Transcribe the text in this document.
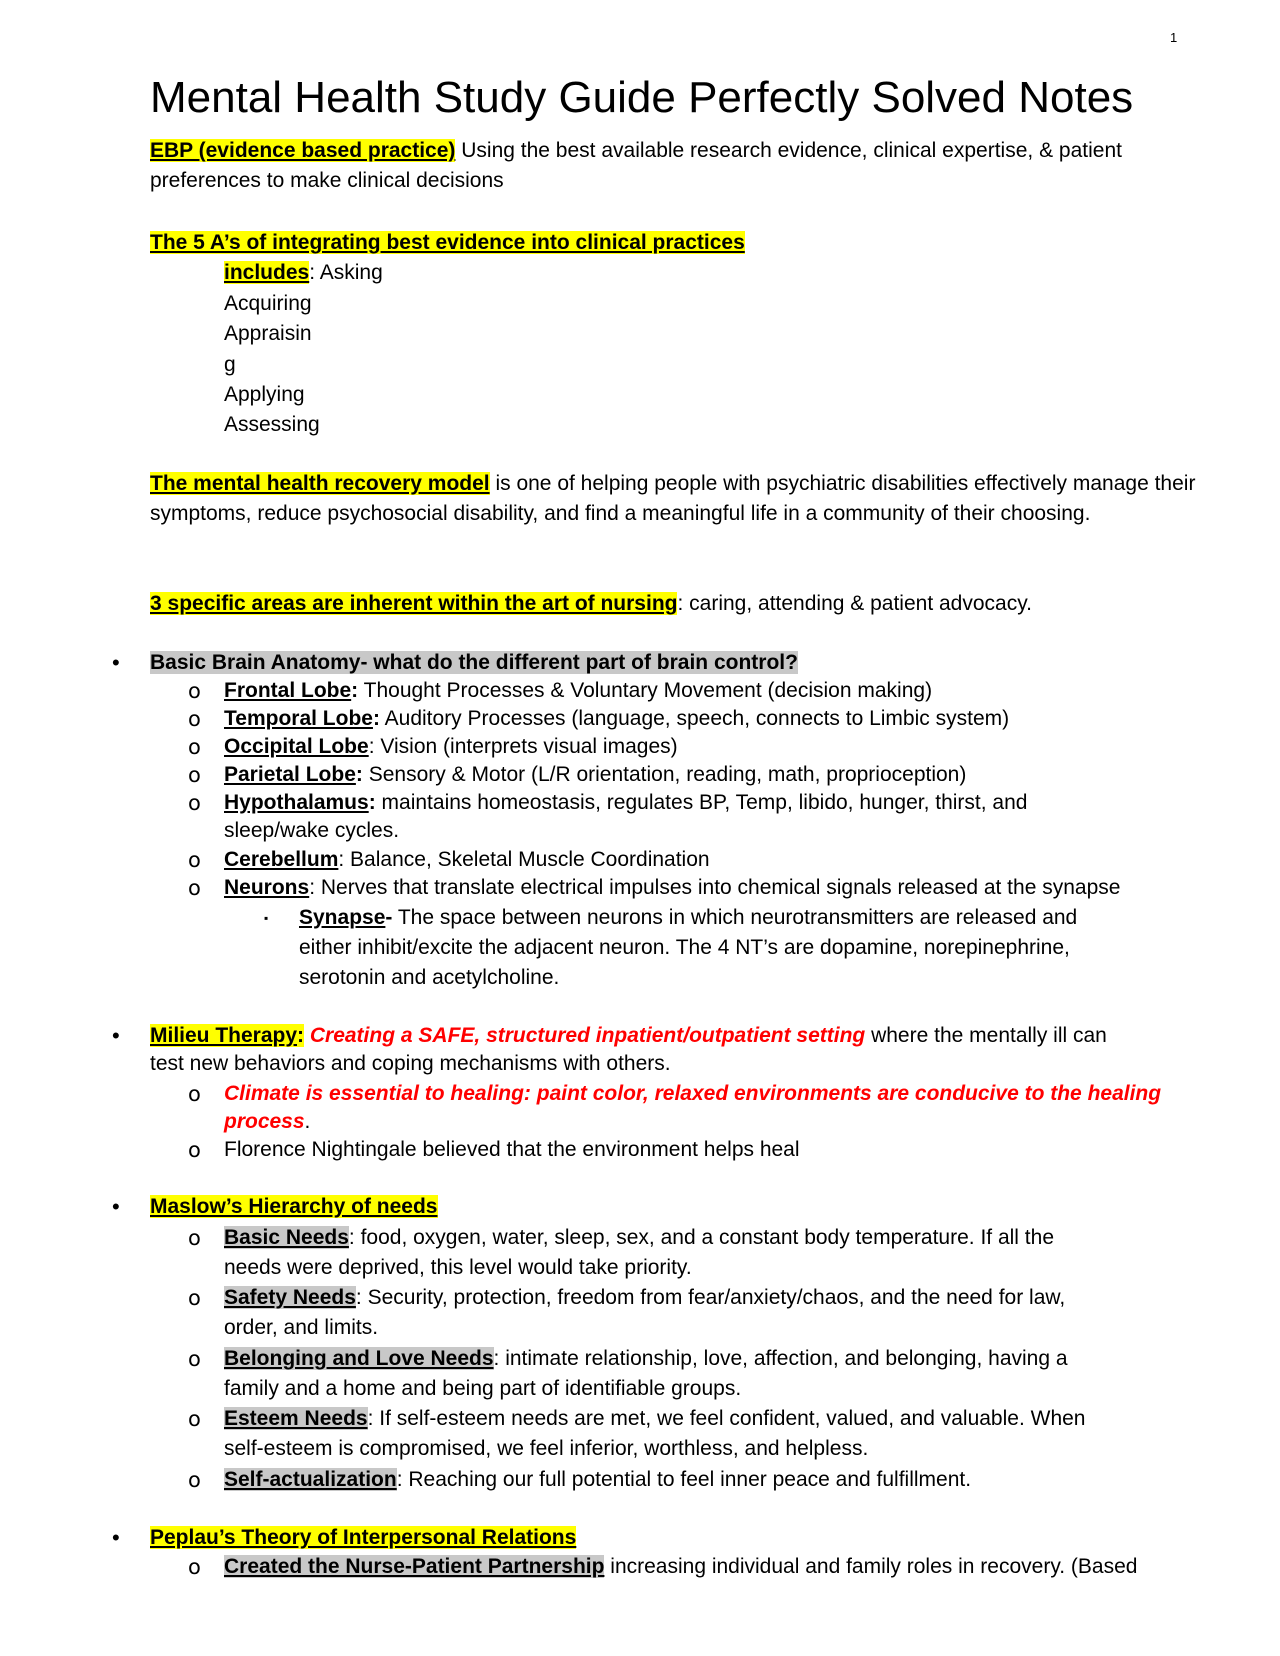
1
Mental Health Study Guide Perfectly Solved Notes
EBP (evidence based practice) Using the best available research evidence, clinical expertise, & patient preferences to make clinical decisions
The 5 A’s of integrating best evidence into clinical practices
includes: Asking
Acquiring
Appraisin
g
Applying
Assessing
The mental health recovery model is one of helping people with psychiatric disabilities effectively manage their symptoms, reduce psychosocial disability, and find a meaningful life in a community of their choosing.
3 specific areas are inherent within the art of nursing: caring, attending & patient advocacy.
• Basic Brain Anatomy- what do the different part of brain control?
o Frontal Lobe: Thought Processes & Voluntary Movement (decision making)
o Temporal Lobe: Auditory Processes (language, speech, connects to Limbic system)
o Occipital Lobe: Vision (interprets visual images)
o Parietal Lobe: Sensory & Motor (L/R orientation, reading, math, proprioception)
o Hypothalamus: maintains homeostasis, regulates BP, Temp, libido, hunger, thirst, and
sleep/wake cycles.
o Cerebellum: Balance, Skeletal Muscle Coordination
o Neurons: Nerves that translate electrical impulses into chemical signals released at the synapse
▪ Synapse- The space between neurons in which neurotransmitters are released and
either inhibit/excite the adjacent neuron. The 4 NT’s are dopamine, norepinephrine,
serotonin and acetylcholine.
• Milieu Therapy: Creating a SAFE, structured inpatient/outpatient setting where the mentally ill can
test new behaviors and coping mechanisms with others.
o Climate is essential to healing: paint color, relaxed environments are conducive to the healing
process.
o Florence Nightingale believed that the environment helps heal
• Maslow’s Hierarchy of needs
o Basic Needs: food, oxygen, water, sleep, sex, and a constant body temperature. If all the
needs were deprived, this level would take priority.
o Safety Needs: Security, protection, freedom from fear/anxiety/chaos, and the need for law,
order, and limits.
o Belonging and Love Needs: intimate relationship, love, affection, and belonging, having a
family and a home and being part of identifiable groups.
o Esteem Needs: If self-esteem needs are met, we feel confident, valued, and valuable. When
self-esteem is compromised, we feel inferior, worthless, and helpless.
o Self-actualization: Reaching our full potential to feel inner peace and fulfillment.
• Peplau’s Theory of Interpersonal Relations
o Created the Nurse-Patient Partnership increasing individual and family roles in recovery. (Based
